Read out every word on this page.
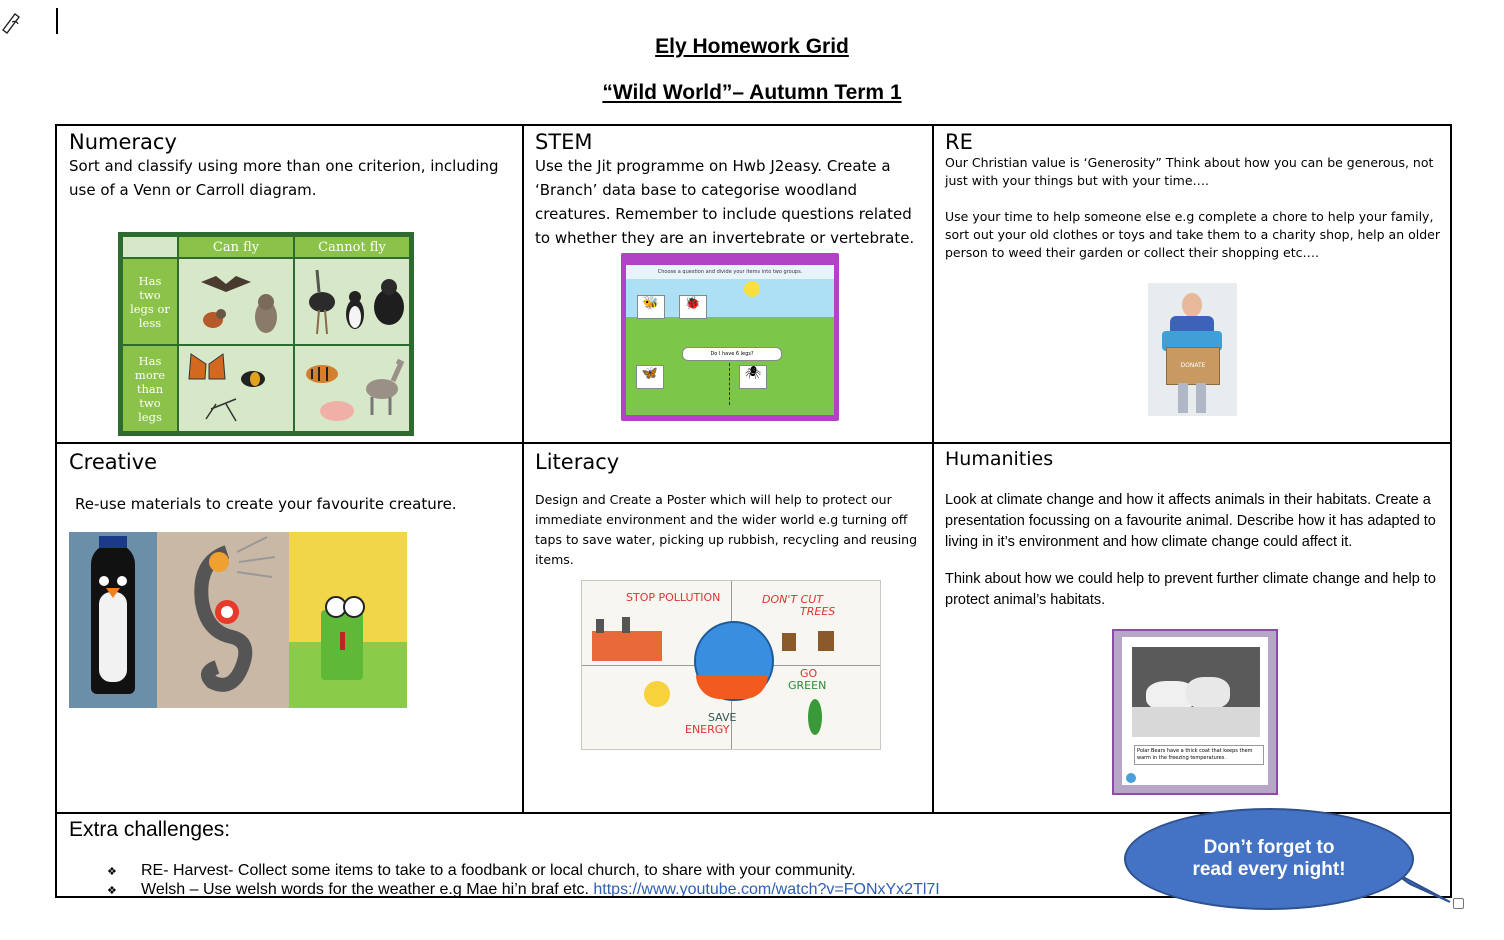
Ely Homework Grid
“Wild World”– Autumn Term 1
Numeracy
Sort and classify using more than one criterion, including use of a Venn or Carroll diagram.
	Can fly	Cannot fly
Has two legs or less	

Has more than two legs	

STEM
Use the Jit programme on Hwb J2easy. Create a ‘Branch’ data base to categorise woodland creatures. Remember to include questions related to whether they are an invertebrate or vertebrate.
Choose a question and divide your items into two groups.
🐝	🐞
Do I have 6 legs?
🦋	🕷
RE
Our Christian value is ‘Generosity” Think about how you can be generous, not just with your things but with your time….
Use your time to help someone else e.g complete a chore to help your family, sort out your old clothes or toys and take them to a charity shop, help an older person to weed their garden or collect their shopping etc….
DONATE
Creative
Re-use materials to create your favourite creature.
Literacy
Design and Create a Poster which will help to protect our immediate environment and the wider world e.g turning off taps to save water, picking up rubbish, recycling and reusing items.
STOP POLLUTION	DON'T CUT
TREES
SAVE
ENERGY
GO
GREEN
Humanities
Look at climate change and how it affects animals in their habitats. Create a presentation focussing on a favourite animal. Describe how it has adapted to living in it’s environment and how climate change could affect it.
Think about how we could help to prevent further climate change and help to protect animal’s habitats.
Polar Bears have a thick coat that keeps them warm in the freezing temperatures.
Extra challenges:
❖ RE- Harvest- Collect some items to take to a foodbank or local church, to share with your community.
❖ Welsh – Use welsh words for the weather e.g Mae hi’n braf etc. https://www.youtube.com/watch?v=FONxYx2Tl7I
Don’t forget to
read every night!
